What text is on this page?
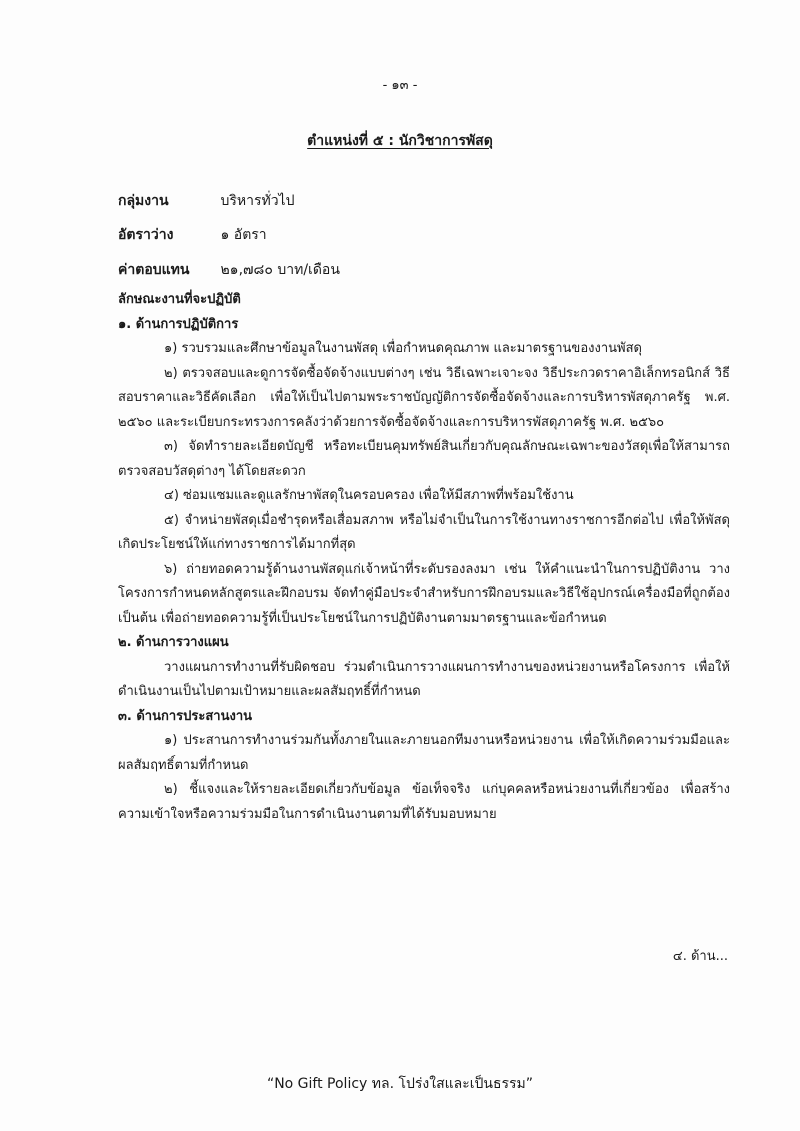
- ๑๓ -
ตำแหน่งที่ ๕ : นักวิชาการพัสดุ
กลุ่มงาน	บริหารทั่วไป
อัตราว่าง	๑ อัตรา
ค่าตอบแทน ๒๑,๗๘๐ บาท/เดือน

ลักษณะงานที่จะปฏิบัติ

๑. ด้านการปฏิบัติการ

๑) รวบรวมและศึกษาข้อมูลในงานพัสดุ เพื่อกำหนดคุณภาพ และมาตรฐานของงานพัสดุ

๒) ตรวจสอบและดูการจัดซื้อจัดจ้างแบบต่างๆ เช่น วิธีเฉพาะเจาะจง วิธีประกวดราคาอิเล็กทรอนิกส์ วิธีสอบราคาและวิธีคัดเลือก เพื่อให้เป็นไปตามพระราชบัญญัติการจัดซื้อจัดจ้างและการบริหารพัสดุภาครัฐ พ.ศ. ๒๕๖๐ และระเบียบกระทรวงการคลังว่าด้วยการจัดซื้อจัดจ้างและการบริหารพัสดุภาครัฐ พ.ศ. ๒๕๖๐

๓) จัดทำรายละเอียดบัญชี หรือทะเบียนคุมทรัพย์สินเกี่ยวกับคุณลักษณะเฉพาะของวัสดุเพื่อให้สามารถตรวจสอบวัสดุต่างๆ ได้โดยสะดวก

๔) ซ่อมแซมและดูแลรักษาพัสดุในครอบครอง เพื่อให้มีสภาพที่พร้อมใช้งาน

๕) จำหน่ายพัสดุเมื่อชำรุดหรือเสื่อมสภาพ หรือไม่จำเป็นในการใช้งานทางราชการอีกต่อไป เพื่อให้พัสดุเกิดประโยชน์ให้แก่ทางราชการได้มากที่สุด

๖) ถ่ายทอดความรู้ด้านงานพัสดุแก่เจ้าหน้าที่ระดับรองลงมา เช่น ให้คำแนะนำในการปฏิบัติงาน วางโครงการกำหนดหลักสูตรและฝึกอบรม จัดทำคู่มือประจำสำหรับการฝึกอบรมและวิธีใช้อุปกรณ์เครื่องมือที่ถูกต้อง เป็นต้น เพื่อถ่ายทอดความรู้ที่เป็นประโยชน์ในการปฏิบัติงานตามมาตรฐานและข้อกำหนด

๒. ด้านการวางแผน

วางแผนการทำงานที่รับผิดชอบ ร่วมดำเนินการวางแผนการทำงานของหน่วยงานหรือโครงการ เพื่อให้ดำเนินงานเป็นไปตามเป้าหมายและผลสัมฤทธิ์ที่กำหนด

๓. ด้านการประสานงาน

๑) ประสานการทำงานร่วมกันทั้งภายในและภายนอกทีมงานหรือหน่วยงาน เพื่อให้เกิดความร่วมมือและผลสัมฤทธิ์ตามที่กำหนด

๒) ชี้แจงและให้รายละเอียดเกี่ยวกับข้อมูล ข้อเท็จจริง แก่บุคคลหรือหน่วยงานที่เกี่ยวข้อง เพื่อสร้างความเข้าใจหรือความร่วมมือในการดำเนินงานตามที่ได้รับมอบหมาย

๔. ด้าน...
“No Gift Policy ทล. โปร่งใสและเป็นธรรม”
